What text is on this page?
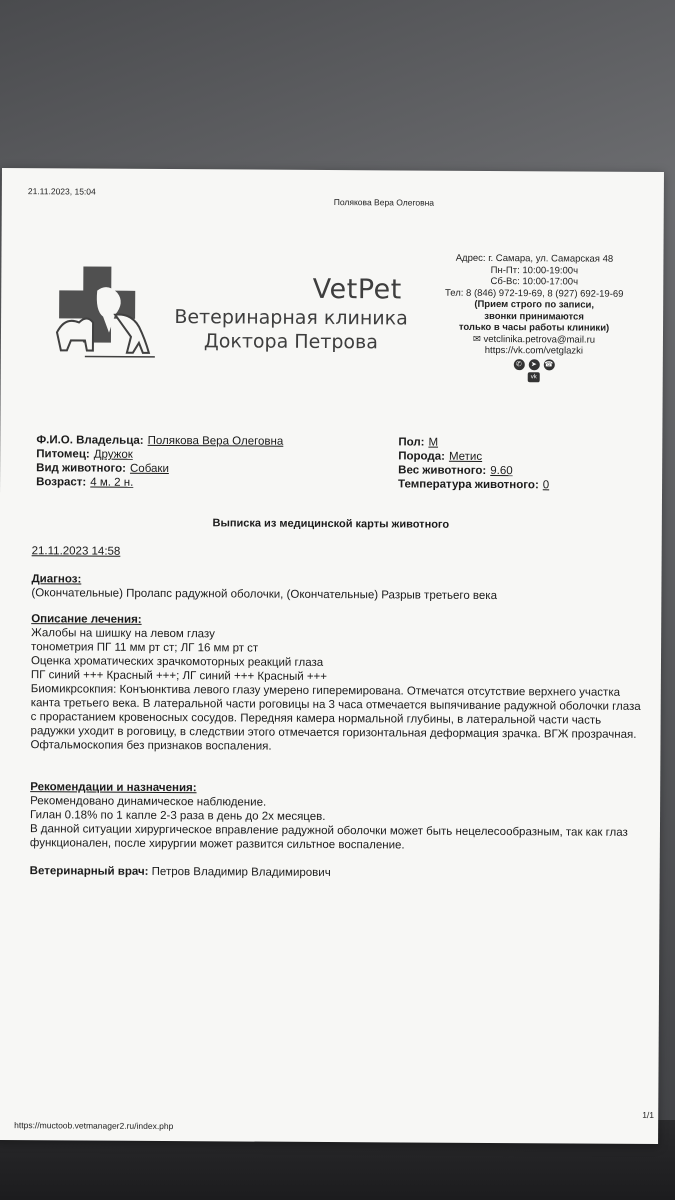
21.11.2023, 15:04
Полякова Вера Олеговна
VetPet
Ветеринарная клиника
Доктора Петрова
Адрес: г. Самара, ул. Самарская 48
Пн-Пт: 10:00-19:00ч
Сб-Вс: 10:00-17:00ч
Тел: 8 (846) 972-19-69, 8 (927) 692-19-69
(Прием строго по записи,
звонки принимаются
только в часы работы клиники)
✉ vetclinika.petrova@mail.ru
https://vk.com/vetglazki
✆	➤	☎
vk
Ф.И.О. Владельца: Полякова Вера Олеговна
Питомец: Дружок
Вид животного: Собаки
Возраст: 4 м. 2 н.
Пол: М
Порода: Метис
Вес животного: 9.60
Температура животного: 0
Выписка из медицинской карты животного
21.11.2023 14:58
Диагноз:
(Окончательные) Пролапс радужной оболочки, (Окончательные) Разрыв третьего века
Описание лечения:
Жалобы на шишку на левом глазу
тонометрия ПГ 11 мм рт ст; ЛГ 16 мм рт ст
Оценка хроматических зрачкомоторных реакций глаза
ПГ синий +++ Красный +++; ЛГ синий +++ Красный +++
Биомикрсокпия: Конъюнктива левого глазу умерено гиперемирована. Отмечатся отсутствие верхнего участка канта третьего века. В латеральной части роговицы на 3 часа отмечается выпячивание радужной оболочки глаза с прорастанием кровеносных сосудов. Передняя камера нормальной глубины, в латеральной части часть радужки уходит в роговицу, в следствии этого отмечается горизонтальная деформация зрачка. ВГЖ прозрачная.
Офтальмоскопия без признаков воспаления.
Рекомендации и назначения:
Рекомендовано динамическое наблюдение.
Гилан 0.18% по 1 капле 2-3 раза в день до 2х месяцев.
В данной ситуации хирургическое вправление радужной оболочки может быть нецелесообразным, так как глаз функционален, после хирургии может развится сильтное воспаление.
Ветеринарный врач: Петров Владимир Владимирович
https://muctoob.vetmanager2.ru/index.php
1/1
